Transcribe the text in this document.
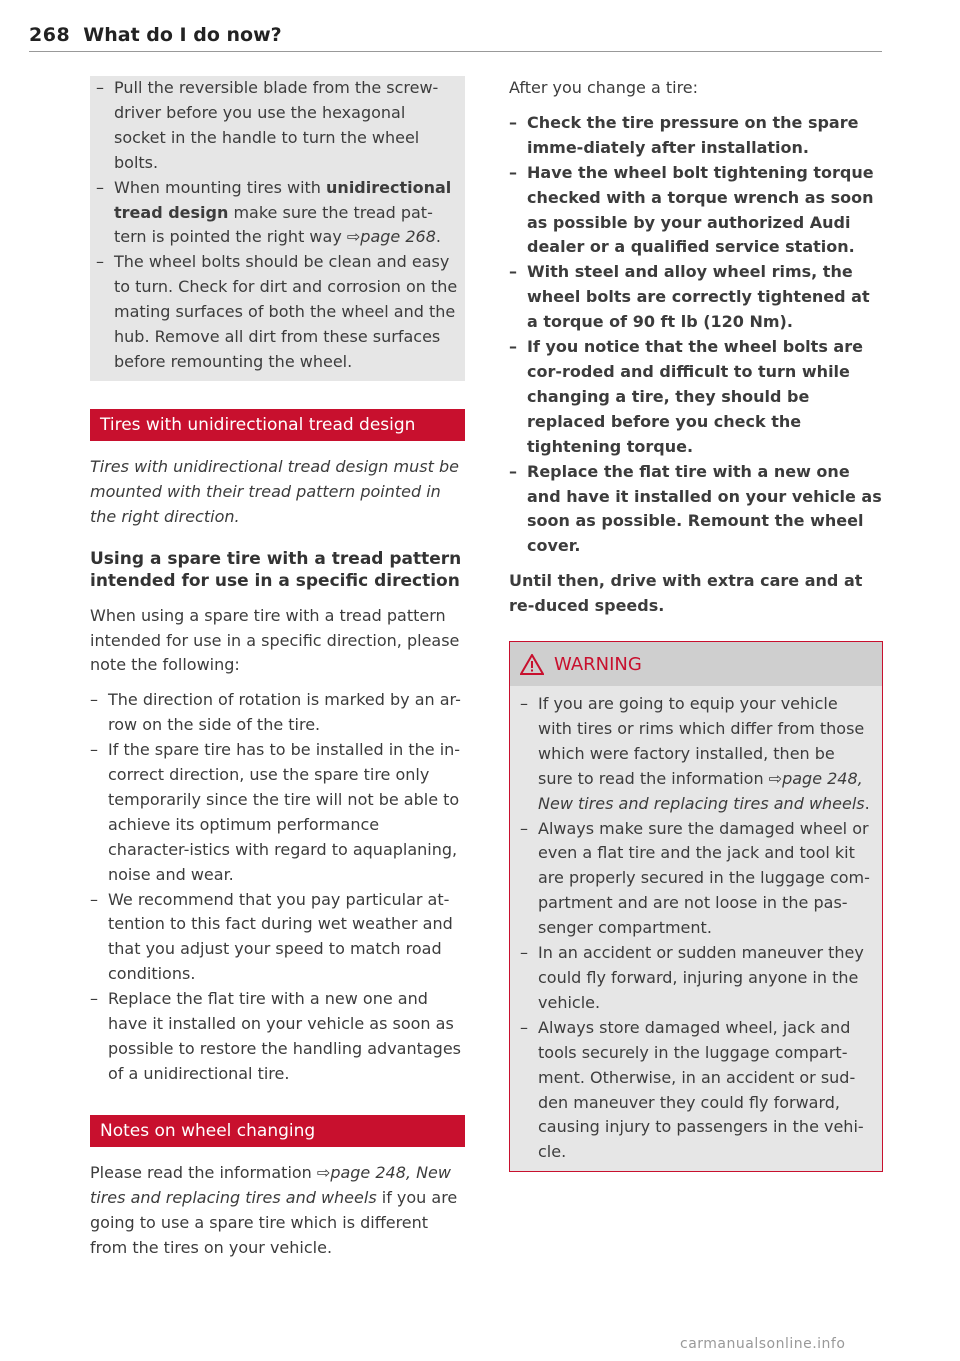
268 What do I do now?
– Pull the reversible blade from the screw-driver before you use the hexagonal socket in the handle to turn the wheel bolts.
– When mounting tires with unidirectional tread design make sure the tread pat-tern is pointed the right way ⇨page 268.
– The wheel bolts should be clean and easy to turn. Check for dirt and corrosion on the mating surfaces of both the wheel and the hub. Remove all dirt from these surfaces before remounting the wheel.
Tires with unidirectional tread design

Tires with unidirectional tread design must be mounted with their tread pattern pointed in the right direction.

Using a spare tire with a tread pattern intended for use in a specific direction

When using a spare tire with a tread pattern intended for use in a specific direction, please note the following:

– The direction of rotation is marked by an ar-row on the side of the tire.
– If the spare tire has to be installed in the in-correct direction, use the spare tire only temporarily since the tire will not be able to achieve its optimum performance character-istics with regard to aquaplaning, noise and wear.
– We recommend that you pay particular at-tention to this fact during wet weather and that you adjust your speed to match road conditions.
– Replace the flat tire with a new one and have it installed on your vehicle as soon as possible to restore the handling advantages of a unidirectional tire.
Notes on wheel changing

Please read the information ⇨page 248, New tires and replacing tires and wheels if you are going to use a spare tire which is different from the tires on your vehicle.

After you change a tire:

– Check the tire pressure on the spare imme-diately after installation.
– Have the wheel bolt tightening torque checked with a torque wrench as soon as possible by your authorized Audi dealer or a qualified service station.
– With steel and alloy wheel rims, the wheel bolts are correctly tightened at a torque of 90 ft lb (120 Nm).
– If you notice that the wheel bolts are cor-roded and difficult to turn while changing a tire, they should be replaced before you check the tightening torque.
– Replace the flat tire with a new one and have it installed on your vehicle as soon as possible. Remount the wheel cover.

Until then, drive with extra care and at re-duced speeds.

WARNING
– If you are going to equip your vehicle with tires or rims which differ from those which were factory installed, then be sure to read the information ⇨page 248, New tires and replacing tires and wheels.
– Always make sure the damaged wheel or even a flat tire and the jack and tool kit are properly secured in the luggage com-partment and are not loose in the pas-senger compartment.
– In an accident or sudden maneuver they could fly forward, injuring anyone in the vehicle.
– Always store damaged wheel, jack and tools securely in the luggage compart-ment. Otherwise, in an accident or sud-den maneuver they could fly forward, causing injury to passengers in the vehi-cle.
carmanualsonline.info
